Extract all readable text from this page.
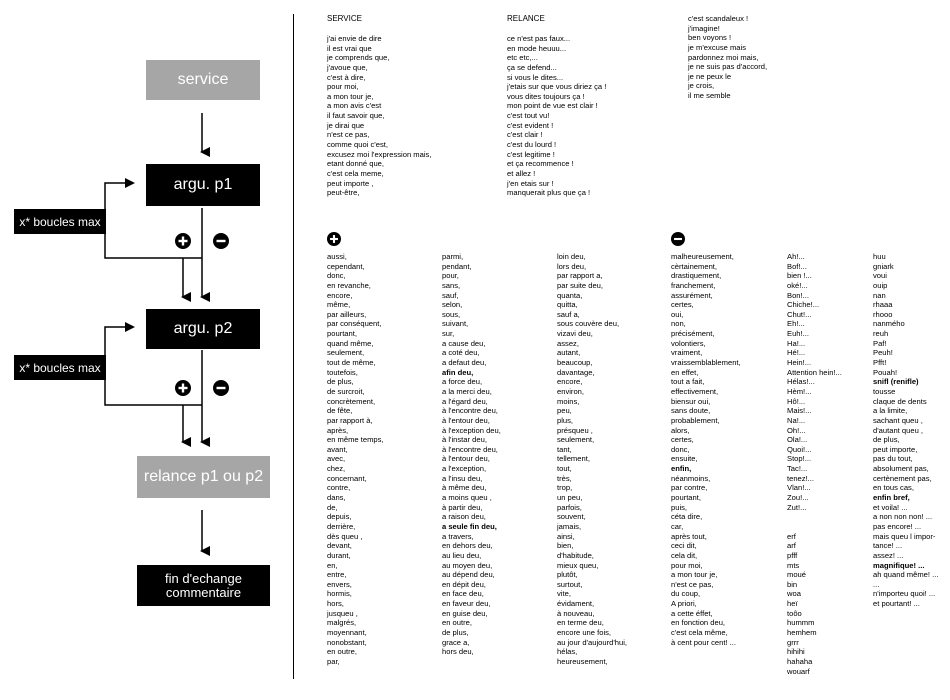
service
argu. p1
argu. p2
relance p1 ou p2
fin d'echange
commentaire
x* boucles max
x* boucles max
SERVICE	RELANCE
j'ai envie de dire
il est vrai que
je comprends que,
j'avoue que,
c'est à dire,
pour moi,
a mon tour je,
a mon avis c'est
il faut savoir que,
je dirai que
n'est ce pas,
comme quoi c'est,
excusez moi l'expression mais,
etant donné que,
c'est cela meme,
peut importe ,
peut-être,
ce n'est pas faux...
en mode heuuu...
etc etc,...
ça se defend...
si vous le dites...
j'etais sur que vous diriez ça !
vous dites toujours ça !
mon point de vue est clair !
c'est tout vu!
c'est evident !
c'est clair !
c'est du lourd !
c'est legitime !
et ça recommence !
et allez !
j'en etais sur !
manquerait plus que ça !
c'est scandaleux !
j'imagine!
ben voyons !
je m'excuse mais
pardonnez moi mais,
je ne suis pas d'accord,
je ne peux le
je crois,
il me semble
aussi,
cependant,
donc,
en revanche,
encore,
même,
par ailleurs,
par conséquent,
pourtant,
quand même,
seulement,
tout de même,
toutefois,
de plus,
de surcroit,
concrètement,
de fête,
par rapport à,
après,
en même temps,
avant,
avec,
chez,
concernant,
contre,
dans,
de,
depuis,
derrière,
dès queu ,
devant,
durant,
en,
entre,
envers,
hormis,
hors,
jusqueu ,
malgrés,
moyennant,
nonobstant,
en outre,
par,
parmi,
pendant,
pour,
sans,
sauf,
selon,
sous,
suivant,
sur,
a cause deu,
a coté deu,
a defaut deu,
afin deu,
a force deu,
a la merci deu,
a l'égard deu,
à l'encontre deu,
à l'entour deu,
à l'exception deu,
à l'instar deu,
à l'encontre deu,
à l'entour deu,
a l'exception,
a l'insu deu,
à même deu,
a moins queu ,
à partir deu,
a raison deu,
a seule fin deu,
a travers,
en dehors deu,
au lieu deu,
au moyen deu,
au dépend deu,
en dépit deu,
en face deu,
en faveur deu,
en guise deu,
en outre,
de plus,
grace a,
hors deu,
loin deu,
lors deu,
par rapport a,
par suite deu,
quanta,
quitta,
sauf a,
sous couvère deu,
vizavi deu,
assez,
autant,
beaucoup,
davantage,
encore,
environ,
moins,
peu,
plus,
présqueu ,
seulement,
tant,
tellement,
tout,
très,
trop,
un peu,
parfois,
souvent,
jamais,
ainsi,
bien,
d'habitude,
mieux queu,
plutôt,
surtout,
vite,
évidament,
à nouveau,
en terme deu,
encore une fois,
au jour d'aujourd'hui,
hélas,
heureusement,
malheureusement,
cèrtainement,
drastiquement,
franchement,
assurément,
certes,
oui,
non,
précisément,
volontiers,
vraiment,
vraissemblablement,
en effet,
tout a fait,
effectivement,
biensur oui,
sans doute,
probablement,
alors,
certes,
donc,
ensuite,
enfin,
néanmoins,
par contre,
pourtant,
puis,
céta dire,
car,
après tout,
ceci dit,
cela dit,
pour moi,
a mon tour je,
n'est ce pas,
du coup,
A priori,
a cette éffet,
en fonction deu,
c'est cela même,
à cent pour cent! ...
Ah!...
Bof!...
bien !...
oké!...
Bon!...
Chiche!...
Chut!...
Eh!...
Euh!...
Ha!...
Hé!...
Hein!...
Attention hein!...
Hélas!...
Hèm!...
Hô!...
Mais!...
Na!...
Oh!...
Ola!...
Quoi!...
Stop!...
Tac!...
tenez!...
Vlan!...
Zou!...
Zut!...
erf
arf
pfff
mts
moué
bin
woa
heï
toôo
hummm
hemhem
grrr
hihihi
hahaha
wouarf
huu
gniark
voui
ouip
nan
rhaaa
rhooo
nanmého
reuh
Paf!
Peuh!
Pfft!
Pouah!
snifl (renifle)
tousse
claque de dents
a la limite,
sachant queu ,
d'autant queu ,
de plus,
peut importe,
pas du tout,
absolument pas,
certènement pas,
en tous cas,
enfin bref,
et voila! ...
a non non non! ...
pas encore! ...
mais queu l impor-
tance! ...
assez! ...
magnifique! ...
ah quand même! ...
...
n'importeu quoi! ...
et pourtant! ...
